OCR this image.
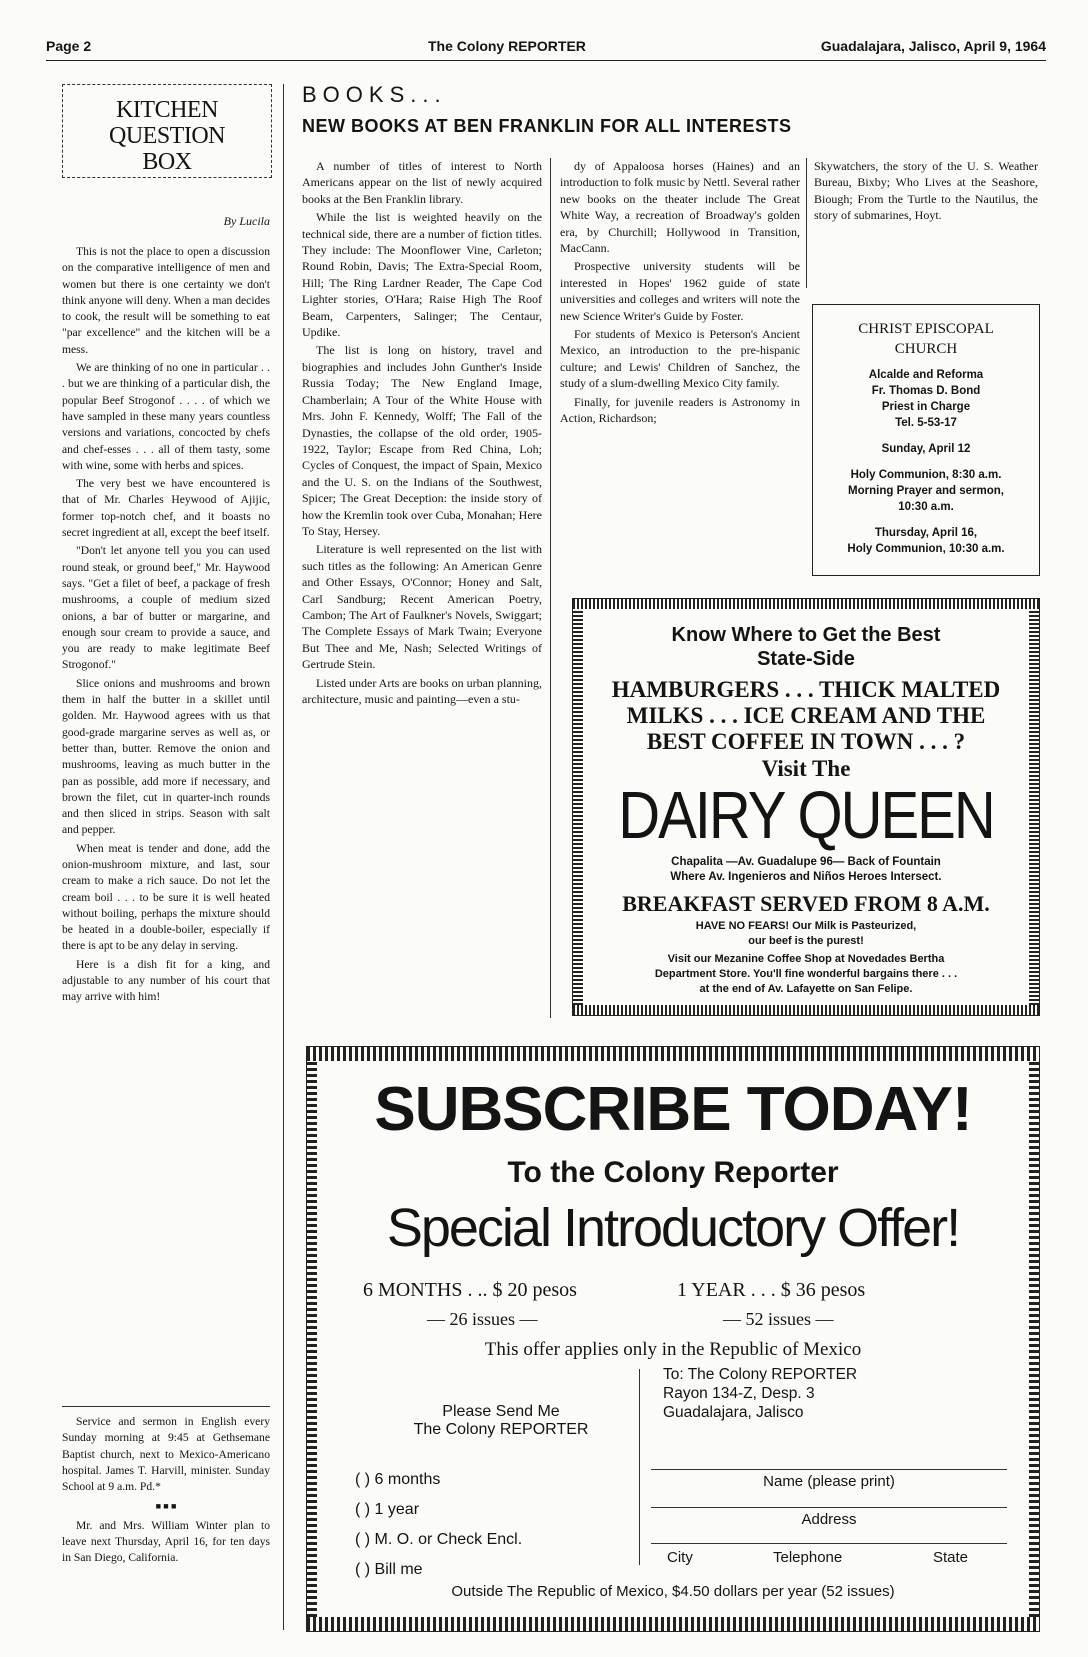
Page 2	The Colony REPORTER	Guadalajara, Jalisco, April 9, 1964
KITCHEN
QUESTION
BOX
By Lucila

This is not the place to open a discussion on the comparative intelligence of men and women but there is one certainty we don't think anyone will deny. When a man decides to cook, the result will be something to eat "par excellence" and the kitchen will be a mess.

We are thinking of no one in particular . . . but we are thinking of a particular dish, the popular Beef Strogonof . . . . of which we have sampled in these many years countless versions and variations, concocted by chefs and chef-esses . . . all of them tasty, some with wine, some with herbs and spices.

The very best we have encountered is that of Mr. Charles Heywood of Ajijic, former top-notch chef, and it boasts no secret ingredient at all, except the beef itself.

"Don't let anyone tell you you can used round steak, or ground beef," Mr. Haywood says. "Get a filet of beef, a package of fresh mushrooms, a couple of medium sized onions, a bar of butter or margarine, and enough sour cream to provide a sauce, and you are ready to make legitimate Beef Strogonof."

Slice onions and mushrooms and brown them in half the butter in a skillet until golden. Mr. Haywood agrees with us that good-grade margarine serves as well as, or better than, butter. Remove the onion and mushrooms, leaving as much butter in the pan as possible, add more if necessary, and brown the filet, cut in quarter-inch rounds and then sliced in strips. Season with salt and pepper.

When meat is tender and done, add the onion-mushroom mixture, and last, sour cream to make a rich sauce. Do not let the cream boil . . . to be sure it is well heated without boiling, perhaps the mixture should be heated in a double-boiler, especially if there is apt to be any delay in serving.

Here is a dish fit for a king, and adjustable to any number of his court that may arrive with him!

Service and sermon in English every Sunday morning at 9:45 at Gethsemane Baptist church, next to Mexico-Americano hospital. James T. Harvill, minister. Sunday School at 9 a.m. Pd.*

■ ■ ■

Mr. and Mrs. William Winter plan to leave next Thursday, April 16, for ten days in San Diego, California.

BOOKS...
NEW BOOKS AT BEN FRANKLIN FOR ALL INTERESTS

A number of titles of interest to North Americans appear on the list of newly acquired books at the Ben Franklin library.

While the list is weighted heavily on the technical side, there are a number of fiction titles. They include: The Moonflower Vine, Carleton; Round Robin, Davis; The Extra-Special Room, Hill; The Ring Lardner Reader, The Cape Cod Lighter stories, O'Hara; Raise High The Roof Beam, Carpenters, Salinger; The Centaur, Updike.

The list is long on history, travel and biographies and includes John Gunther's Inside Russia Today; The New England Image, Chamberlain; A Tour of the White House with Mrs. John F. Kennedy, Wolff; The Fall of the Dynasties, the collapse of the old order, 1905-1922, Taylor; Escape from Red China, Loh; Cycles of Conquest, the impact of Spain, Mexico and the U. S. on the Indians of the Southwest, Spicer; The Great Deception: the inside story of how the Kremlin took over Cuba, Monahan; Here To Stay, Hersey.

Literature is well represented on the list with such titles as the following: An American Genre and Other Essays, O'Connor; Honey and Salt, Carl Sandburg; Recent American Poetry, Cambon; The Art of Faulkner's Novels, Swiggart; The Complete Essays of Mark Twain; Everyone But Thee and Me, Nash; Selected Writings of Gertrude Stein.

Listed under Arts are books on urban planning, architecture, music and painting—even a stu-

dy of Appaloosa horses (Haines) and an introduction to folk music by Nettl. Several rather new books on the theater include The Great White Way, a recreation of Broadway's golden era, by Churchill; Hollywood in Transition, MacCann.

Prospective university students will be interested in Hopes' 1962 guide of state universities and colleges and writers will note the new Science Writer's Guide by Foster.

For students of Mexico is Peterson's Ancient Mexico, an introduction to the pre-hispanic culture; and Lewis' Children of Sanchez, the study of a slum-dwelling Mexico City family.

Finally, for juvenile readers is Astronomy in Action, Richardson;

Skywatchers, the story of the U. S. Weather Bureau, Bixby; Who Lives at the Seashore, Biough; From the Turtle to the Nautilus, the story of submarines, Hoyt.

CHRIST EPISCOPAL
CHURCH
Alcalde and Reforma
Fr. Thomas D. Bond
Priest in Charge
Tel. 5-53-17
Sunday, April 12
Holy Communion, 8:30 a.m.
Morning Prayer and sermon,
10:30 a.m.
Thursday, April 16,
Holy Communion, 10:30 a.m.
Know Where to Get the Best
State-Side
HAMBURGERS . . . THICK MALTED
MILKS . . . ICE CREAM AND THE
BEST COFFEE IN TOWN . . . ?
Visit The
DAIRY QUEEN
Chapalita —Av. Guadalupe 96— Back of Fountain
Where Av. Ingenieros and Niños Heroes Intersect.
BREAKFAST SERVED FROM 8 A.M.
HAVE NO FEARS! Our Milk is Pasteurized,
our beef is the purest!
Visit our Mezanine Coffee Shop at Novedades Bertha
Department Store. You'll fine wonderful bargains there . . .
at the end of Av. Lafayette on San Felipe.
SUBSCRIBE TODAY!
To the Colony Reporter
Special Introductory Offer!
6 MONTHS . .. $ 20 pesos	1 YEAR . . . $ 36 pesos
— 26 issues —	— 52 issues —
This offer applies only in the Republic of Mexico
Please Send Me
The Colony REPORTER
To: The Colony REPORTER
Rayon 134-Z, Desp. 3
Guadalajara, Jalisco
( ) 6 months
( ) 1 year
( ) M. O. or Check Encl.
( ) Bill me
Name (please print)
Address
City	Telephone	State
Outside The Republic of Mexico, $4.50 dollars per year (52 issues)
